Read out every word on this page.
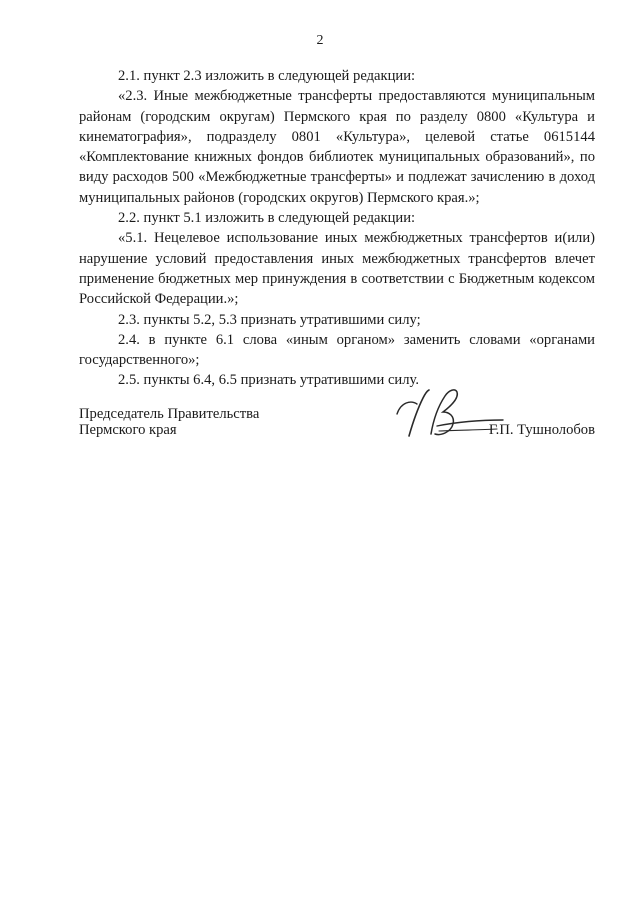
2

2.1. пункт 2.3 изложить в следующей редакции:

«2.3. Иные межбюджетные трансферты предоставляются муниципальным районам (городским округам) Пермского края по разделу 0800 «Культура и кинематография», подразделу 0801 «Культура», целевой статье 0615144 «Комплектование книжных фондов библиотек муниципальных образований», по виду расходов 500 «Межбюджетные трансферты» и подлежат зачислению в доход муниципальных районов (городских округов) Пермского края.»;

2.2. пункт 5.1 изложить в следующей редакции:

«5.1. Нецелевое использование иных межбюджетных трансфертов и(или) нарушение условий предоставления иных межбюджетных трансфертов влечет применение бюджетных мер принуждения в соответствии с Бюджетным кодексом Российской Федерации.»;

2.3. пункты 5.2, 5.3 признать утратившими силу;

2.4. в пункте 6.1 слова «иным органом» заменить словами «органами государственного»;

2.5. пункты 6.4, 6.5 признать утратившими силу.

Председатель Правительства
Пермского края	Г.П. Тушнолобов
